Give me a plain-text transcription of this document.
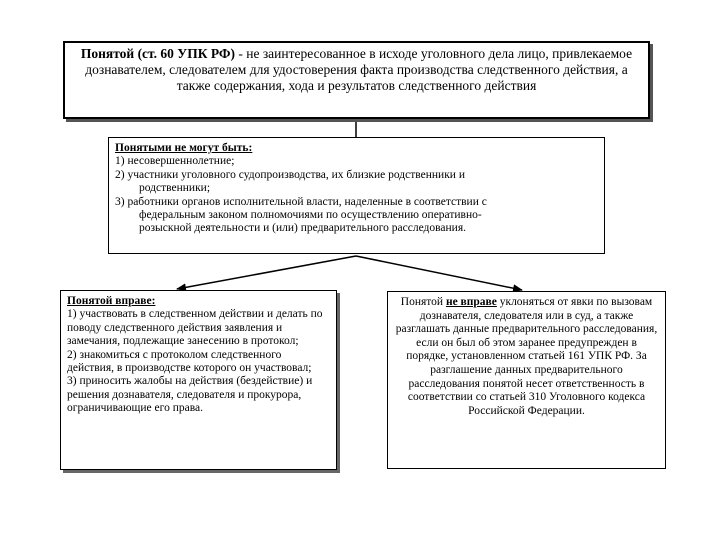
Понятой (ст. 60 УПК РФ) - не заинтересованное в исходе уголовного дела лицо, привлекаемое дознавателем, следователем для удостоверения факта производства следственного действия, а также содержания, хода и результатов следственного действия
Понятыми не могут быть:
1) несовершеннолетние;
2) участники уголовного судопроизводства, их близкие родственники и
родственники;
3) работники органов исполнительной власти, наделенные в соответствии с
федеральным законом полномочиями по осуществлению оперативно-
розыскной деятельности и (или) предварительного расследования.
Понятой вправе:
1) участвовать в следственном действии и делать по поводу следственного действия заявления и замечания, подлежащие занесению в протокол;
2) знакомиться с протоколом следственного действия, в производстве которого он участвовал;
3) приносить жалобы на действия (бездействие) и решения дознавателя, следователя и прокурора, ограничивающие его права.
Понятой не вправе уклоняться от явки по вызовам дознавателя, следователя или в суд, а также разглашать данные предварительного расследования, если он был об этом заранее предупрежден в порядке, установленном статьей 161 УПК РФ. За разглашение данных предварительного расследования понятой несет ответственность в соответствии со статьей 310 Уголовного кодекса Российской Федерации.
